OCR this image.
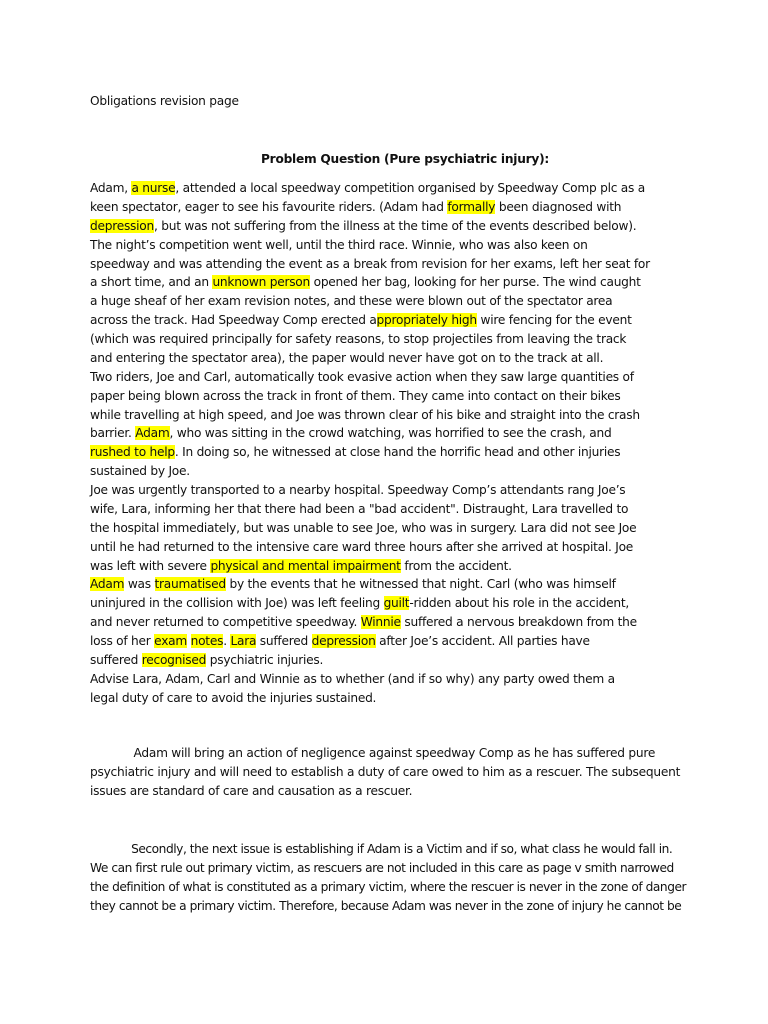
Obligations revision page
Problem Question (Pure psychiatric injury):
Adam, a nurse, attended a local speedway competition organised by Speedway Comp plc as a
keen spectator, eager to see his favourite riders. (Adam had formally been diagnosed with
depression, but was not suffering from the illness at the time of the events described below).
The night’s competition went well, until the third race. Winnie, who was also keen on
speedway and was attending the event as a break from revision for her exams, left her seat for
a short time, and an unknown person opened her bag, looking for her purse. The wind caught
a huge sheaf of her exam revision notes, and these were blown out of the spectator area
across the track. Had Speedway Comp erected appropriately high wire fencing for the event
(which was required principally for safety reasons, to stop projectiles from leaving the track
and entering the spectator area), the paper would never have got on to the track at all.
Two riders, Joe and Carl, automatically took evasive action when they saw large quantities of
paper being blown across the track in front of them. They came into contact on their bikes
while travelling at high speed, and Joe was thrown clear of his bike and straight into the crash
barrier. Adam, who was sitting in the crowd watching, was horrified to see the crash, and
rushed to help. In doing so, he witnessed at close hand the horrific head and other injuries
sustained by Joe.
Joe was urgently transported to a nearby hospital. Speedway Comp’s attendants rang Joe’s
wife, Lara, informing her that there had been a "bad accident". Distraught, Lara travelled to
the hospital immediately, but was unable to see Joe, who was in surgery. Lara did not see Joe
until he had returned to the intensive care ward three hours after she arrived at hospital. Joe
was left with severe physical and mental impairment from the accident.
Adam was traumatised by the events that he witnessed that night. Carl (who was himself
uninjured in the collision with Joe) was left feeling guilt-ridden about his role in the accident,
and never returned to competitive speedway. Winnie suffered a nervous breakdown from the
loss of her exam notes. Lara suffered depression after Joe’s accident. All parties have
suffered recognised psychiatric injuries.
Advise Lara, Adam, Carl and Winnie as to whether (and if so why) any party owed them a
legal duty of care to avoid the injuries sustained.
Adam will bring an action of negligence against speedway Comp as he has suffered pure
psychiatric injury and will need to establish a duty of care owed to him as a rescuer. The subsequent
issues are standard of care and causation as a rescuer.
Secondly, the next issue is establishing if Adam is a Victim and if so, what class he would fall in.
We can first rule out primary victim, as rescuers are not included in this care as page v smith narrowed
the definition of what is constituted as a primary victim, where the rescuer is never in the zone of danger
they cannot be a primary victim. Therefore, because Adam was never in the zone of injury he cannot be
